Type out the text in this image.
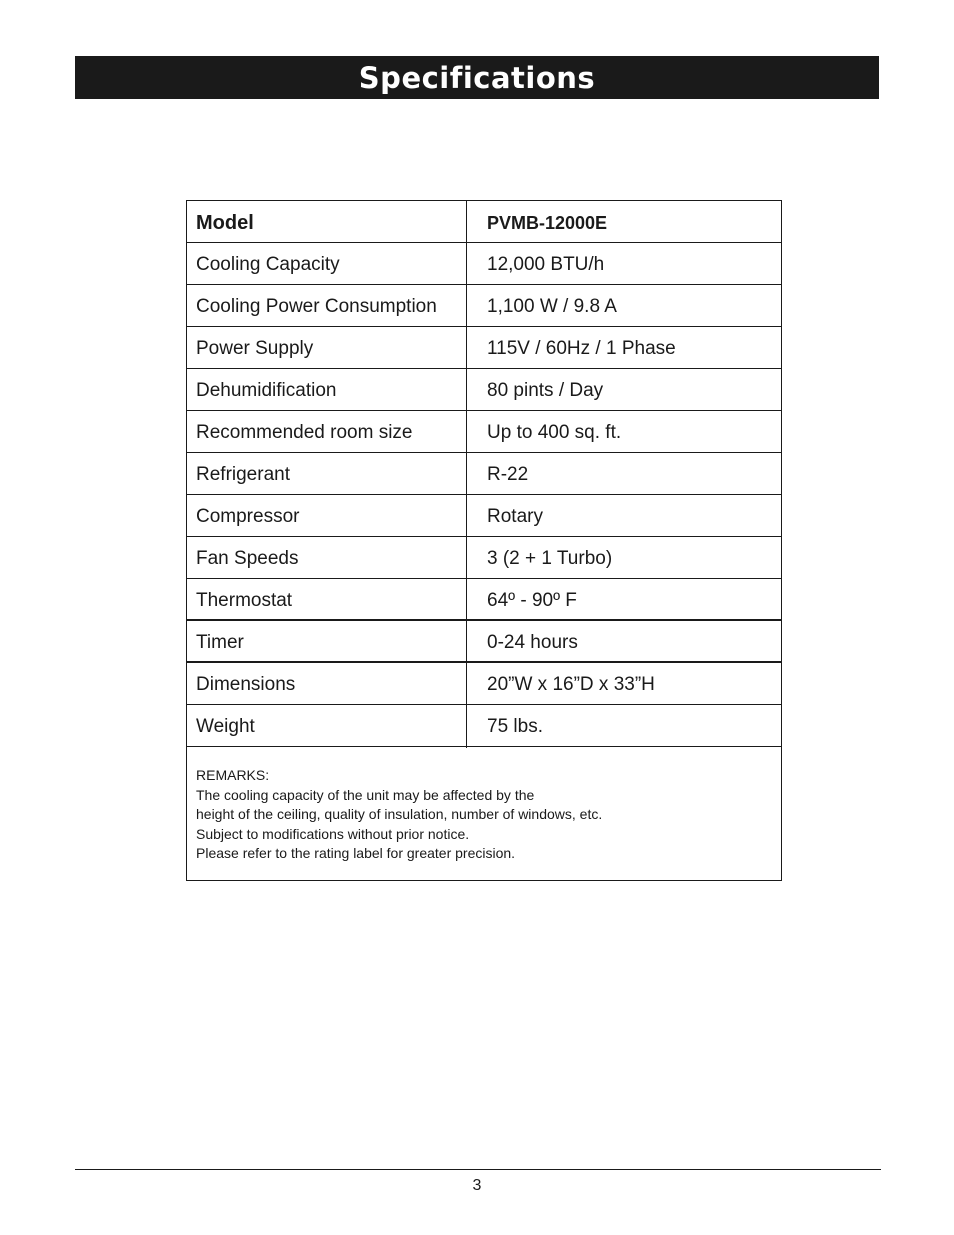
Specifications
Model	PVMB-12000E
Cooling Capacity	12,000 BTU/h
Cooling Power Consumption	1,100 W / 9.8 A
Power Supply	115V / 60Hz / 1 Phase
Dehumidification	80 pints / Day
Recommended room size	Up to 400 sq. ft.
Refrigerant	R-22
Compressor	Rotary
Fan Speeds	3 (2 + 1 Turbo)
Thermostat	64º - 90º F
Timer	0-24 hours
Dimensions	20”W x 16”D x 33”H
Weight	75 lbs.
REMARKS:
The cooling capacity of the unit may be affected by the
height of the ceiling, quality of insulation, number of windows, etc.
Subject to modifications without prior notice.
Please refer to the rating label for greater precision.
3
